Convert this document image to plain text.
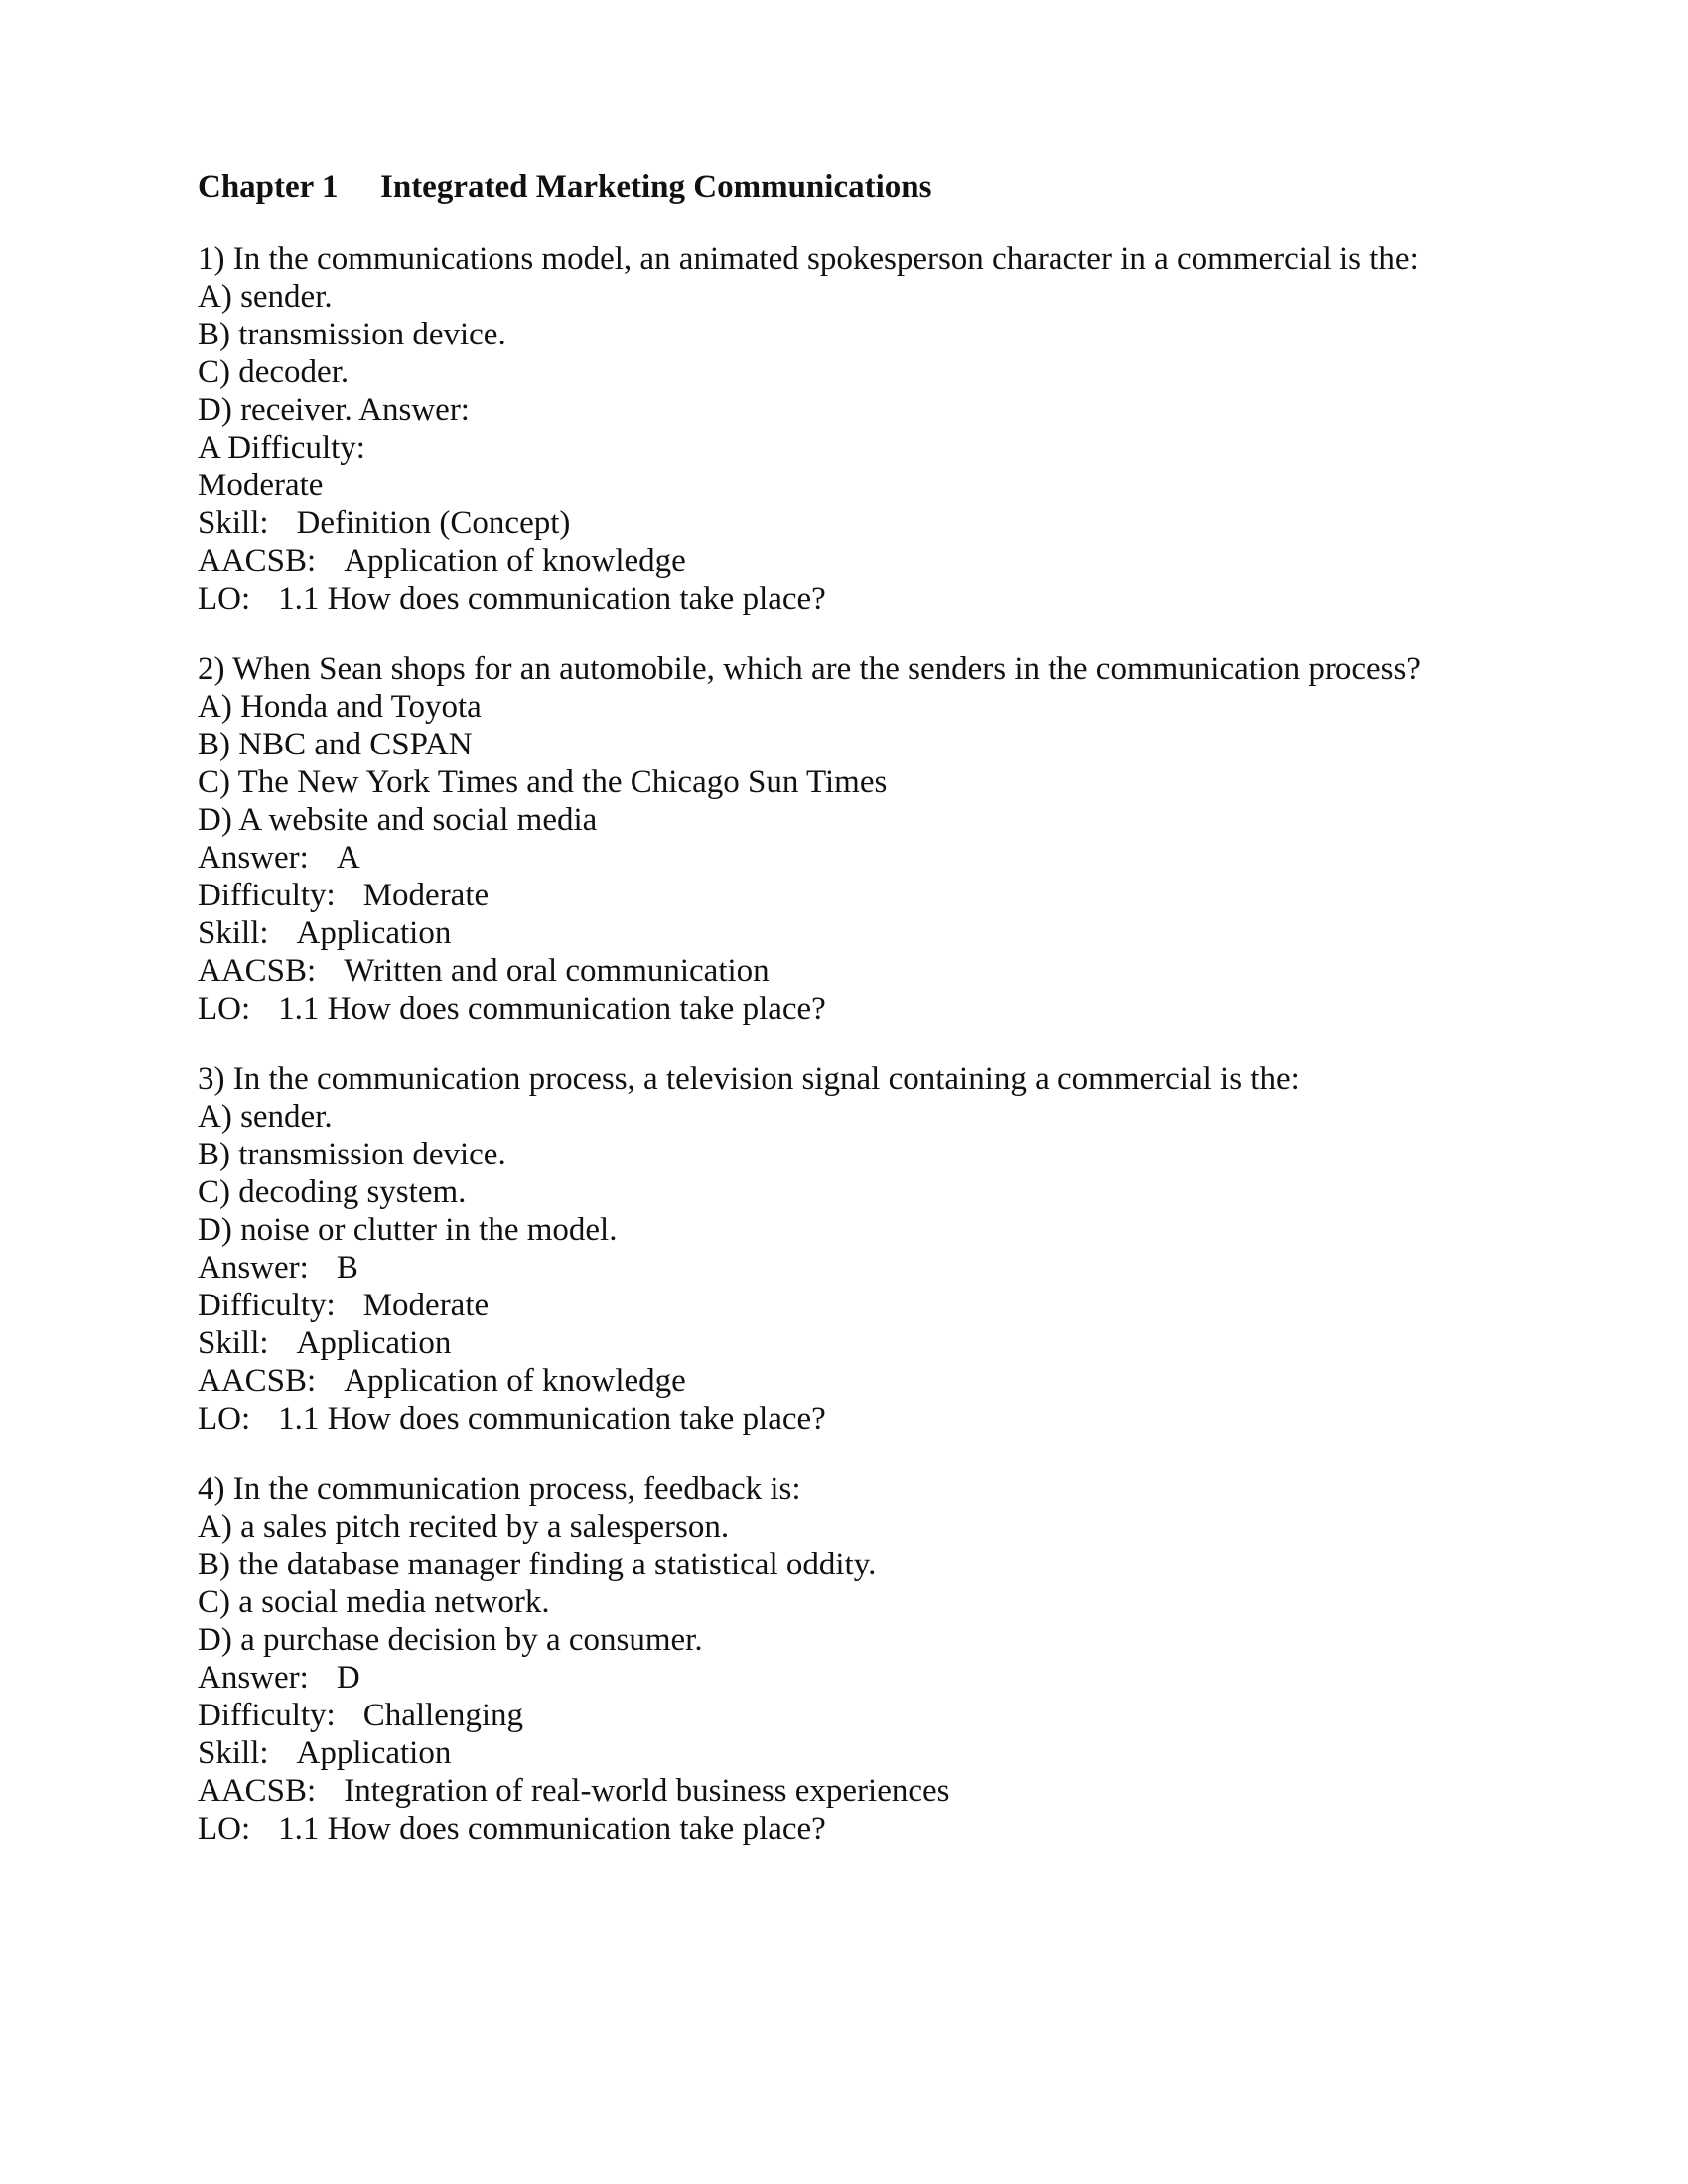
Chapter 1 Integrated Marketing Communications
1) In the communications model, an animated spokesperson character in a commercial is the:
A) sender.
B) transmission device.
C) decoder.
D) receiver. Answer:
A Difficulty:
Moderate
Skill: Definition (Concept)
AACSB: Application of knowledge
LO: 1.1 How does communication take place?
2) When Sean shops for an automobile, which are the senders in the communication process?
A) Honda and Toyota
B) NBC and CSPAN
C) The New York Times and the Chicago Sun Times
D) A website and social media
Answer: A
Difficulty: Moderate
Skill: Application
AACSB: Written and oral communication
LO: 1.1 How does communication take place?
3) In the communication process, a television signal containing a commercial is the:
A) sender.
B) transmission device.
C) decoding system.
D) noise or clutter in the model.
Answer: B
Difficulty: Moderate
Skill: Application
AACSB: Application of knowledge
LO: 1.1 How does communication take place?
4) In the communication process, feedback is:
A) a sales pitch recited by a salesperson.
B) the database manager finding a statistical oddity.
C) a social media network.
D) a purchase decision by a consumer.
Answer: D
Difficulty: Challenging
Skill: Application
AACSB: Integration of real-world business experiences
LO: 1.1 How does communication take place?
